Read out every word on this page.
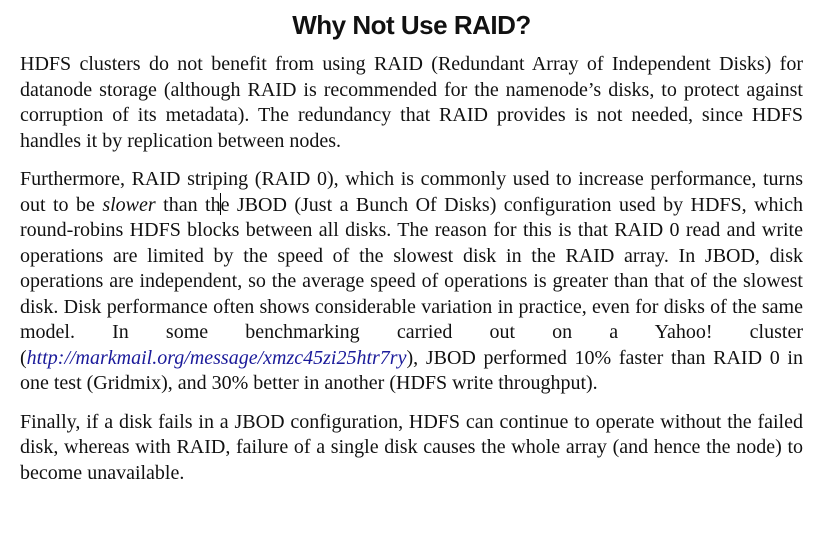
Why Not Use RAID?

HDFS clusters do not benefit from using RAID (Redundant Array of Independent Disks) for datanode storage (although RAID is recommended for the namenode’s disks, to protect against corruption of its metadata). The redundancy that RAID provides is not needed, since HDFS handles it by replication between nodes.

Furthermore, RAID striping (RAID 0), which is commonly used to increase performance, turns out to be slower than the JBOD (Just a Bunch Of Disks) configuration used by HDFS, which round-robins HDFS blocks between all disks. The reason for this is that RAID 0 read and write operations are limited by the speed of the slowest disk in the RAID array. In JBOD, disk operations are independent, so the average speed of operations is greater than that of the slowest disk. Disk performance often shows considerable variation in practice, even for disks of the same model. In some benchmarking carried out on a Yahoo! cluster (http://markmail.org/message/xmzc45zi25htr7ry), JBOD performed 10% faster than RAID 0 in one test (Gridmix), and 30% better in another (HDFS write throughput).

Finally, if a disk fails in a JBOD configuration, HDFS can continue to operate without the failed disk, whereas with RAID, failure of a single disk causes the whole array (and hence the node) to become unavailable.
